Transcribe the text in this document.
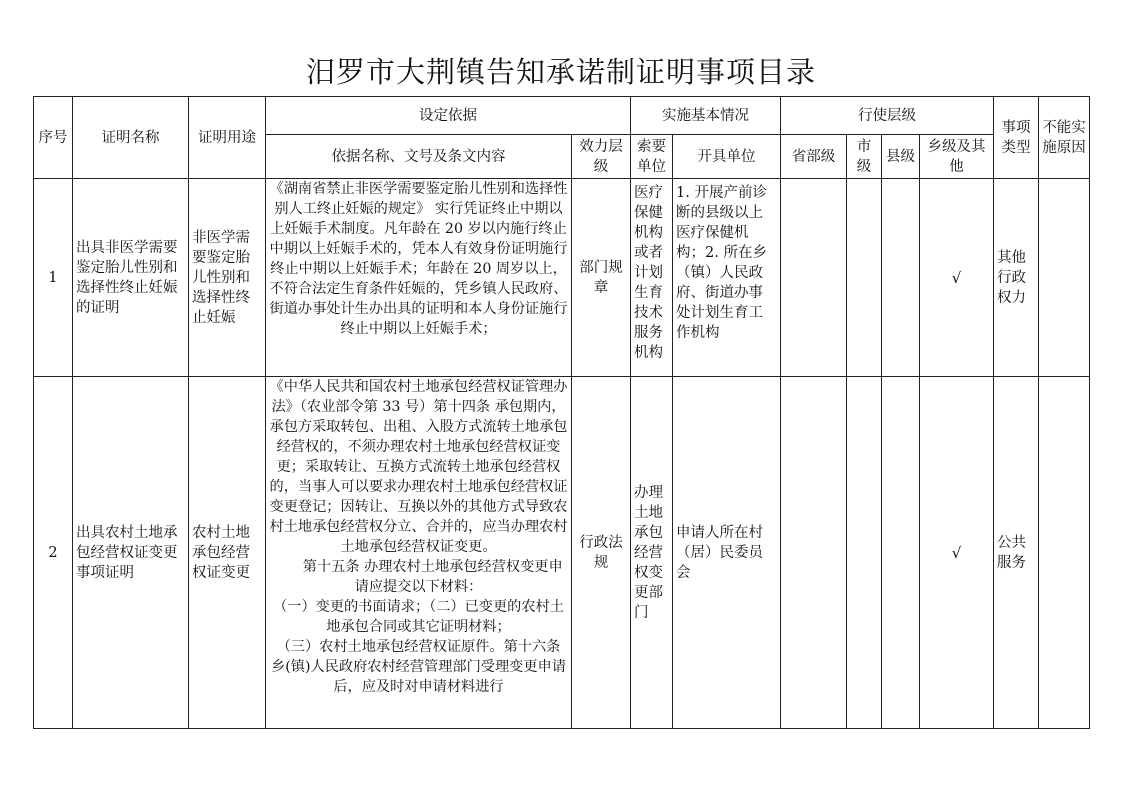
汨罗市大荆镇告知承诺制证明事项目录
序号	证明名称	证明用途	设定依据		实施基本情况		行使层级				事项类型	不能实施原因
			依据名称、文号及条文内容	效力层级	索要单位	开具单位	省部级	市级	县级	乡级及其他		
1	出具非医学需要鉴定胎儿性别和选择性终止妊娠的证明	非医学需要鉴定胎儿性别和选择性终止妊娠	《湖南省禁止非医学需要鉴定胎儿性别和选择性别人工终止妊娠的规定》 实行凭证终止中期以上妊娠手术制度。凡年龄在 20 岁以内施行终止中期以上妊娠手术的，凭本人有效身份证明施行终止中期以上妊娠手术；年龄在 20 周岁以上，不符合法定生育条件妊娠的，凭乡镇人民政府、街道办事处计生办出具的证明和本人身份证施行终止中期以上妊娠手术；	部门规章	医疗保健机构或者计划生育技术服务机构	1. 开展产前诊断的县级以上医疗保健机构；2. 所在乡（镇）人民政府、街道办事处计划生育工作机构				√	其他行政权力	
2	出具农村土地承包经营权证变更事项证明	农村土地承包经营权证变更	《中华人民共和国农村土地承包经营权证管理办法》（农业部令第 33 号）第十四条 承包期内，承包方采取转包、出租、入股方式流转土地承包经营权的，不须办理农村土地承包经营权证变更；采取转让、互换方式流转土地承包经营权的，当事人可以要求办理农村土地承包经营权证变更登记；因转让、互换以外的其他方式导致农村土地承包经营权分立、合并的，应当办理农村土地承包经营权证变更。

第十五条 办理农村土地承包经营权变更申请应提交以下材料：

（一）变更的书面请求；（二）已变更的农村土地承包合同或其它证明材料；

（三）农村土地承包经营权证原件。第十六条 乡(镇)人民政府农村经营管理部门受理变更申请后，应及时对申请材料进行	行政法规	办理土地承包经营权变更部门	申请人所在村（居）民委员会				√	公共服务	
